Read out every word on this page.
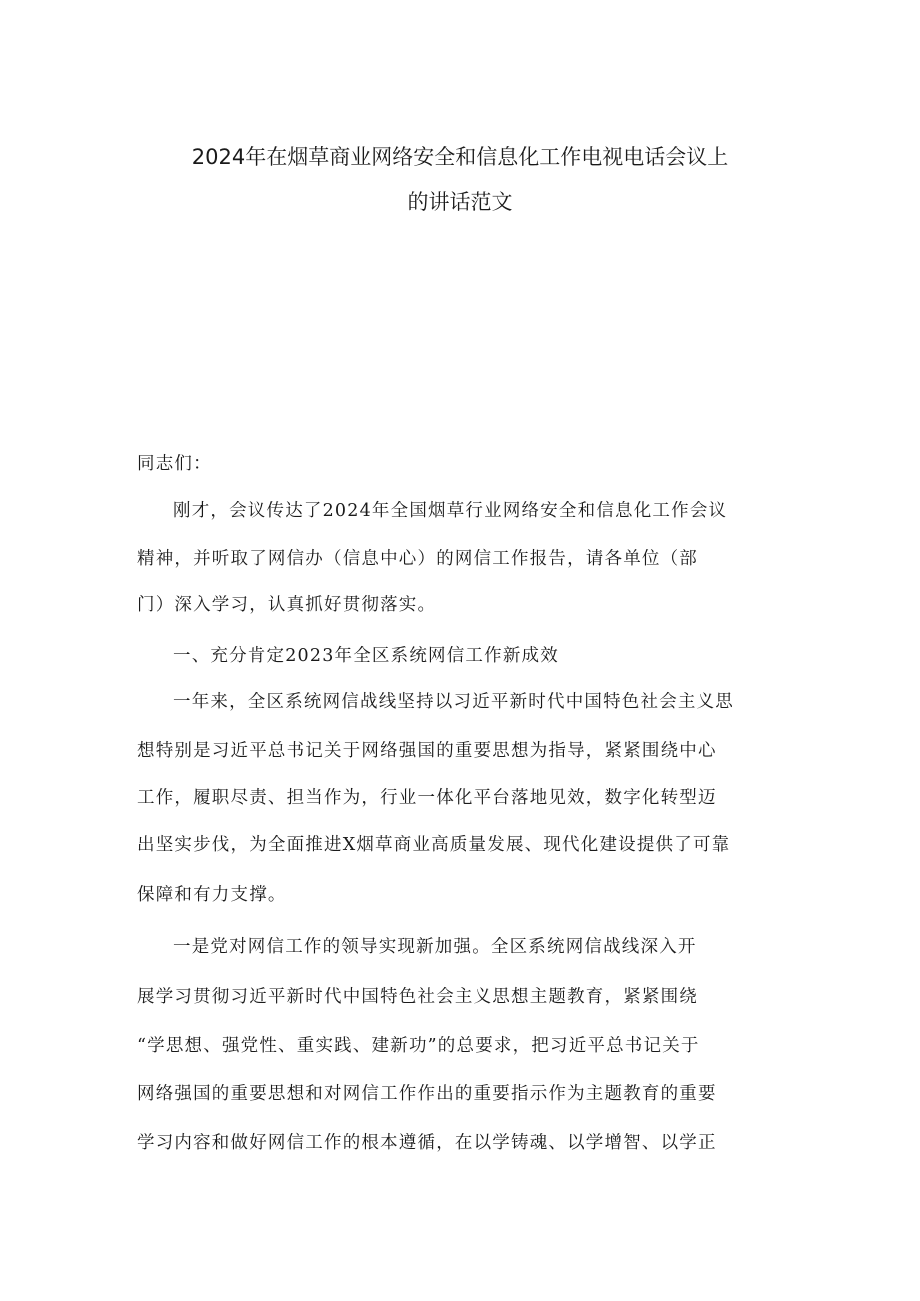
2024年在烟草商业网络安全和信息化工作电视电话会议上
的讲话范文
同志们：
刚才，会议传达了2024年全国烟草行业网络安全和信息化工作会议
精神，并听取了网信办（信息中心）的网信工作报告，请各单位（部
门）深入学习，认真抓好贯彻落实。
一、充分肯定2023年全区系统网信工作新成效
一年来，全区系统网信战线坚持以习近平新时代中国特色社会主义思
想特别是习近平总书记关于网络强国的重要思想为指导，紧紧围绕中心
工作，履职尽责、担当作为，行业一体化平台落地见效，数字化转型迈
出坚实步伐，为全面推进X烟草商业高质量发展、现代化建设提供了可靠
保障和有力支撑。
一是党对网信工作的领导实现新加强。全区系统网信战线深入开
展学习贯彻习近平新时代中国特色社会主义思想主题教育，紧紧围绕
“学思想、强党性、重实践、建新功”的总要求，把习近平总书记关于
网络强国的重要思想和对网信工作作出的重要指示作为主题教育的重要
学习内容和做好网信工作的根本遵循，在以学铸魂、以学增智、以学正
